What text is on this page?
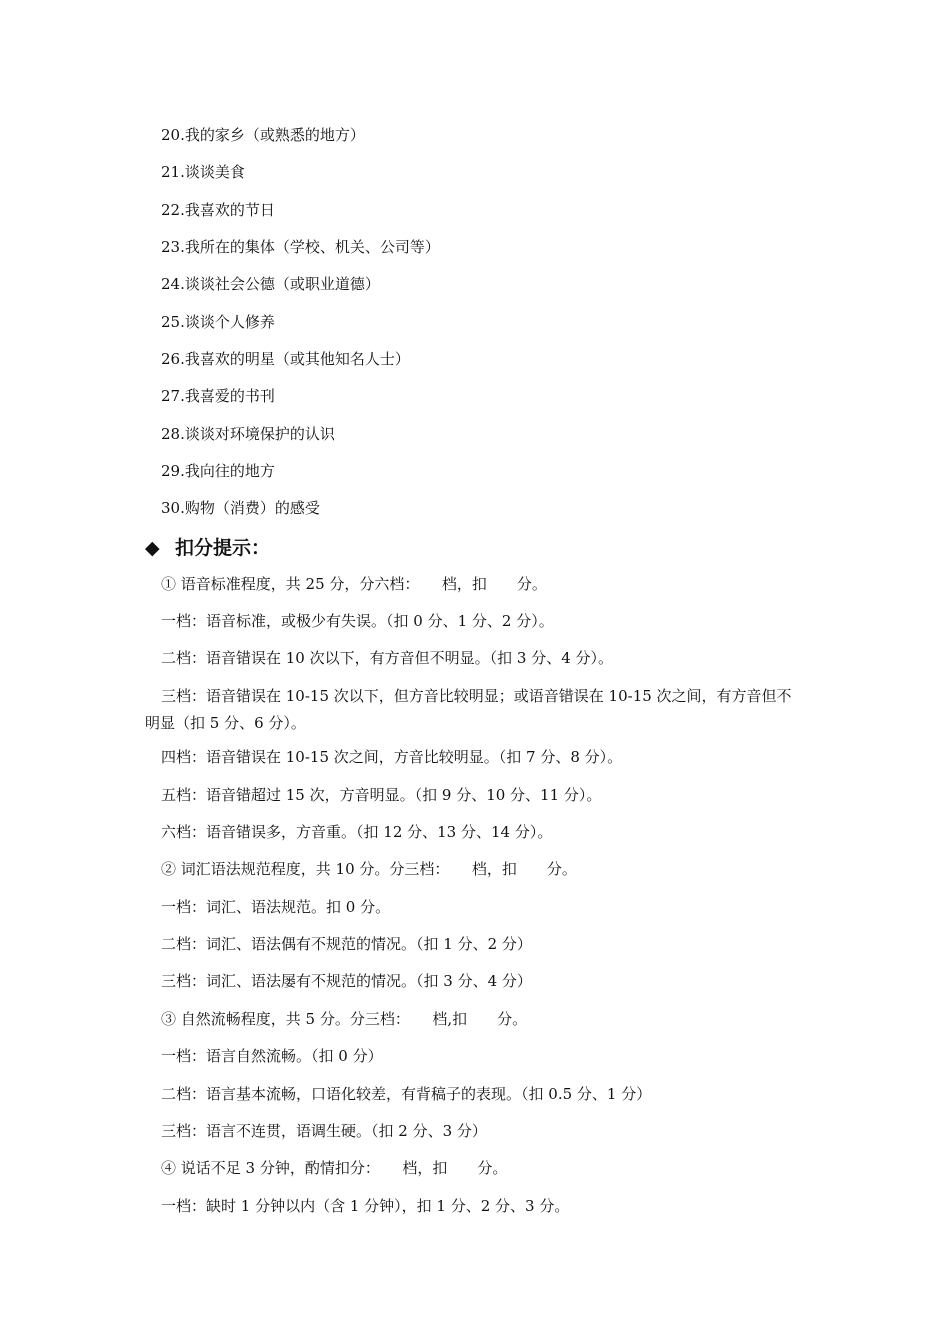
20.我的家乡（或熟悉的地方）
21.谈谈美食
22.我喜欢的节日
23.我所在的集体（学校、机关、公司等）
24.谈谈社会公德（或职业道德）
25.谈谈个人修养
26.我喜欢的明星（或其他知名人士）
27.我喜爱的书刊
28.谈谈对环境保护的认识
29.我向往的地方
30.购物（消费）的感受
◆ 扣分提示：
① 语音标准程度，共 25 分，分六档：　　档，扣　　分。
一档：语音标准，或极少有失误。（扣 0 分、1 分、2 分）。
二档：语音错误在 10 次以下，有方音但不明显。（扣 3 分、4 分）。
三档：语音错误在 10-15 次以下，但方音比较明显；或语音错误在 10-15 次之间，有方音但不明显（扣 5 分、6 分）。
四档：语音错误在 10-15 次之间，方音比较明显。（扣 7 分、8 分）。
五档：语音错超过 15 次，方音明显。（扣 9 分、10 分、11 分）。
六档：语音错误多，方音重。（扣 12 分、13 分、14 分）。
② 词汇语法规范程度，共 10 分。分三档：　　档，扣　　分。
一档：词汇、语法规范。扣 0 分。
二档：词汇、语法偶有不规范的情况。（扣 1 分、2 分）
三档：词汇、语法屡有不规范的情况。（扣 3 分、4 分）
③ 自然流畅程度，共 5 分。分三档：　　档,扣　　分。
一档：语言自然流畅。（扣 0 分）
二档：语言基本流畅，口语化较差，有背稿子的表现。（扣 0.5 分、1 分）
三档：语言不连贯，语调生硬。（扣 2 分、3 分）
④ 说话不足 3 分钟，酌情扣分：　　档，扣　　分。
一档：缺时 1 分钟以内（含 1 分钟），扣 1 分、2 分、3 分。
